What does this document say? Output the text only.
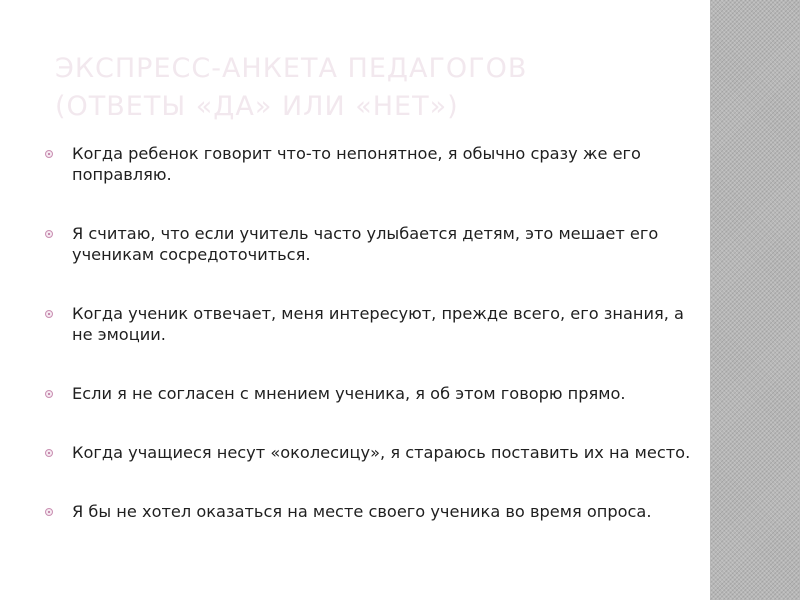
ЭКСПРЕСС-АНКЕТА ПЕДАГОГОВ
(ОТВЕТЫ «ДА» ИЛИ «НЕТ»)
Когда ребенок говорит что-то непонятное, я обычно сразу же его поправляю.
Я считаю, что если учитель часто улыбается детям, это мешает его ученикам сосредоточиться.
Когда ученик отвечает, меня интересуют, прежде всего, его знания, а не эмоции.
Если я не согласен с мнением ученика, я об этом говорю прямо.
Когда учащиеся несут «околесицу», я стараюсь поставить их на место.
Я бы не хотел оказаться на месте своего ученика во время опроса.
